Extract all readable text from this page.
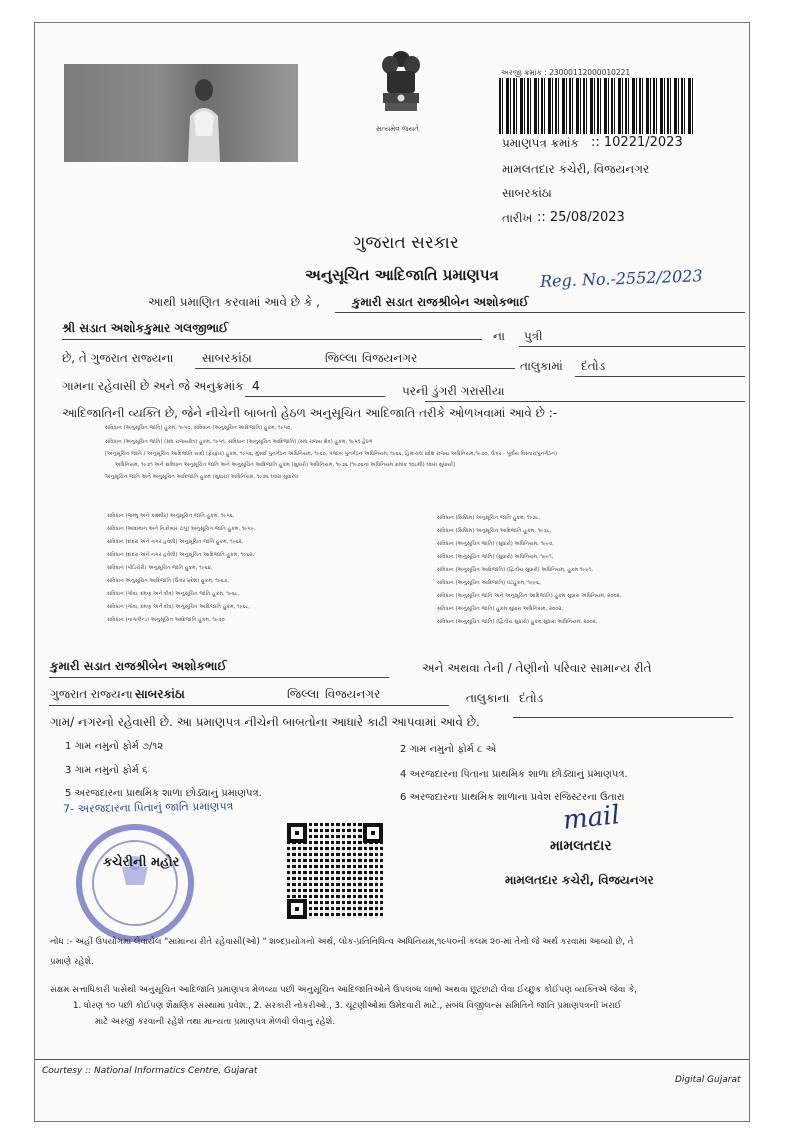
સત્યમેવ જયતે
અરજી ક્રમાંક : 23000112000010221
પ્રમાણપત્ર ક્રમાંક :: 10221/2023
મામલતદાર કચેરી, વિજયનગર
સાબરકાંઠા
તારીખ :: 25/08/2023
ગુજરાત સરકાર
અનુસૂચિત આદિજાતિ પ્રમાણપત્ર	Reg. No.-2552/2023
આથી પ્રમાણિત કરવામાં આવે છે કે ,	કુમારી સડાત રાજશ્રીબેન અશોકભાઈ
શ્રી સડાત અશોકકુમાર ગલજીભાઈ
ના પુત્રી
છે, તે ગુજરાત રાજ્યના સાબરકાંઠા	જિલ્લા વિજયનગર
તાલુકામાં દંતોડ
ગામના રહેવાસી છે અને જે અનુક્રમાંક 4	પરની ડુંગરી ગરાસીયા
આદિજાતિની વ્યક્તિ છે, જેને નીચેની બાબતો હેઠળ અનુસૂચિત આદિજાતિ તરીકે ઓળખવામાં આવે છે :-
સંવિધાન (અનુસૂચિત જાતિ) હુકમ, ૧૯૫૦, સંવિધાન (અનુસૂચિત આદિજાતિ) હુકમ, ૧૯૫૦,
સંવિધાન (અનુસૂચિત જાતિ) (સંઘ રાજ્યક્ષેત્ર) હુકમ, ૧૯૫૧, સંવિધાન (અનુસૂચિત આદિજાતિ) (સંઘ રાજ્ય ક્ષેત્ર) હુકમ, ૧૯૫૧ હેઠળ
[અનુસૂચિત જાતિ / અનુસૂચિત આદિજાતિ યાદી (ફેરફાર) હુકમ, ૧૯૫૬, મુંબઈ પુનર્ગઠન અધિનિયમ, ૧૯૬૦, પંજાબ પુનર્ગઠન અધિનિયમ, ૧૯૬૬, હિમાચલ પ્રદેશ રાજ્ય અધિનિયમ,૧૯૭૦, ઉત્તર - પૂર્વીય વિસ્તાર(પુનર્ગઠન)
અધિનિયમ, ૧૯૭૧ અને સંવિધાન અનુસૂચિત જાતિ અને અનુસૂચિત આદિજાતિ હુકમ (સુધારો) અધિનિયમ, ૧૯૭૬ (૧૯૭૬ના અધિનિયમ ક્રમાંક ૧૦૮થી) ઘ્વારા સુધાર્યા]
અનુસૂચિત જાતિ અને અનુસૂચિત આદિજાતિ હુકમ (સુધારા) અધિનિયમ, ૧૯૭૬ ઘ્વારા સુધારેલ
સંવિધાન (જમ્મુ અને કાશ્મીર) અનુસૂચિત જાતિ હુકમ, ૧૯૫૬,
સંવિધાન (આંદામાન અને નિકોબાર ટાપુ) અનુસૂચિત જાતિ હુકમ, ૧૯૫૯,
સંવિધાન (દાદરા અને નગર હવેલી) અનુસૂચિત જાતિ હુકમ, ૧૯૬૨,
સંવિધાન (દાદરા અને નગર હવેલી) અનુસૂચિત આદિજાતિ હુકમ, ૧૯૬૨,
સંવિધાન (પોંડિચેરી) અનુસૂચિત જાતિ હુકમ, ૧૯૬૪,
સંવિધાન અનુસૂચિત આદિજાતિ (ઉત્તર પ્રદેશ) હુકમ, ૧૯૬૭,
સંવિધાન (ગોવા, દમણ અને દીવ) અનુસૂચિત જાતિ હુકમ, ૧૯૬૮,
સંવિધાન (ગોવા, દમણ અને દીવ) અનુસૂચિત આદિજાતિ હુકમ, ૧૯૬૮,
સંવિધાન (નાગાલેન્ડ) અનુસૂચિત આદિજાતિ હુકમ, ૧૯૭૦
સંવિધાન (સિક્કિમ) અનુસૂચિત જાતિ હુકમ, ૧૯૭૮,
સંવિધાન (સિક્કિમ) અનુસૂચિત આદિજાતિ હુકમ, ૧૯૭૮,
સંવિધાન (અનુસૂચિત જાતિ) (સુધારો) અધિનિયમ, ૧૯૯૦,
સંવિધાન (અનુસૂચિત જાતિ) (સુધારો) અધિનિયમ, ૧૯૯૧,
સંવિધાન (અનુસૂચિત આદિજાતિ) (દ્વિતીય સુધારો) અધિનિયમ, હુકમ ૧૯૯૧,
સંવિધાન (અનુસૂચિત આદિજાતિ) વટહુકમ, ૧૯૯૬,
સંવિધાન (અનુસૂચિત જાતિ અને અનુસૂચિત આદિજાતિ) હુકમ સુધારા અધિનિયમ, ૨૦૦૨,
સંવિધાન (અનુસૂચિત જાતિ) હુકમ સુધારા અધિનિયમ, ૨૦૦૨,
સંવિધાન (અનુસૂચિત જાતિ) (દ્વિતીય સુધારો) હુકમ સુધારા અધિનિયમ, ૨૦૦૨,
કુમારી સડાત રાજશ્રીબેન અશોકભાઈ	અને અથવા તેની / તેણીનો પરિવાર સામાન્ય રીતે
ગુજરાત રાજ્યના સાબરકાંઠા	જિલ્લા વિજયનગર	તાલુકાના દંતોડ
ગામ/ નગરનો રહેવાસી છે. આ પ્રમાણપત્ર નીચેની બાબતોના આધારે કાઢી આપવામાં આવે છે.
1 ગામ નમુનો ફોર્મ ૭/૧૨	2 ગામ નમુનો ફોર્મ ૮ એ
3 ગામ નમુનો ફોર્મ ૬	4 અરજદારના પિતાના પ્રાથમિક શાળા છોડ્યાનું પ્રમાણપત્ર.
5 અરજદારના પ્રાથમિક શાળા છોડ્યાનું પ્રમાણપત્ર.	6 અરજદારના પ્રાથમિક શાળાના પ્રવેશ રજિસ્ટરના ઉતારા
7- અરજદારના પિતાનું જાતિ પ્રમાણપત્ર
કચેરીની મહોર
mail
મામલતદાર
મામલતદાર કચેરી, વિજયનગર
નોંધ :- અહીં ઉપયોગમાં લેવાયેલ "સામાન્ય રીતે રહેવાસી(ઓ) " શબ્દપ્રયોગનો અર્થ, લોક-પ્રતિનિધિત્વ અધિનિયમ,૧૯૫૦ની કલમ ૨૦-માં તેનો જે અર્થ કરવામાં આવ્યો છે, તે
પ્રમાણે રહેશે.
સક્ષમ સત્તાધિકારી પાસેથી અનુસૂચિત આદિજાતિ પ્રમાણપત્ર મેળવ્યા પછી અનુસૂચિત આદિજાતિઓને ઉપલબ્ધ લાભો અથવા છૂટછાટો લેવા ઈચ્છુક કોઈપણ વ્યક્તિએ જેવા કે,
1. ધોરણ ૧૦ પછી કોઈપણ શૈક્ષણિક સંસ્થામાં પ્રવેશ., 2. સરકારી નોકરીઓ., 3. ચૂંટણીઓમાં ઉમેદવારી માટે., સંબંધ વિજીલન્સ સમિતિને જાતિ પ્રમાણપત્રની ખરાઈ
માટે અરજી કરવાની રહેશે તથા માન્યતા પ્રમાણપત્ર મેળવી લેવાનું રહેશે.
Courtesy :: National Informatics Centre, Gujarat
Digital Gujarat
